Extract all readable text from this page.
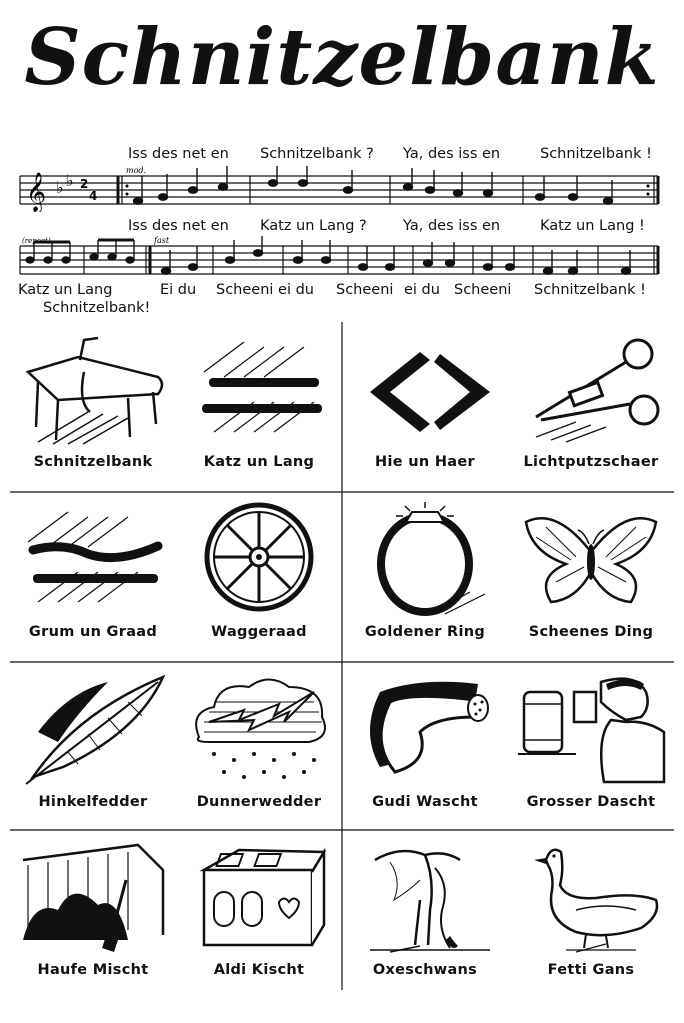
Schnitzelbank
Iss des net en Schnitzelbank ? Ya, des iss en	Schnitzelbank !
𝄞 ♭ ♭ 2
4
mod.
Iss des net en Katz un Lang ?	Ya, des iss en	Katz un Lang !
(repeat)	fast
Katz un Lang
Schnitzelbank!
Ei du Scheeni ei du Scheeni ei du Scheeni Schnitzelbank !
Schnitzelbank	Katz un Lang	Hie un Haer	Lichtputzschaer
Grum un Graad	Waggeraad	Goldener Ring	Scheenes Ding
Hinkelfedder	Dunnerwedder	Gudi Wascht	Grosser Dascht
Haufe Mischt	Aldi Kischt	Oxeschwans	Fetti Gans
